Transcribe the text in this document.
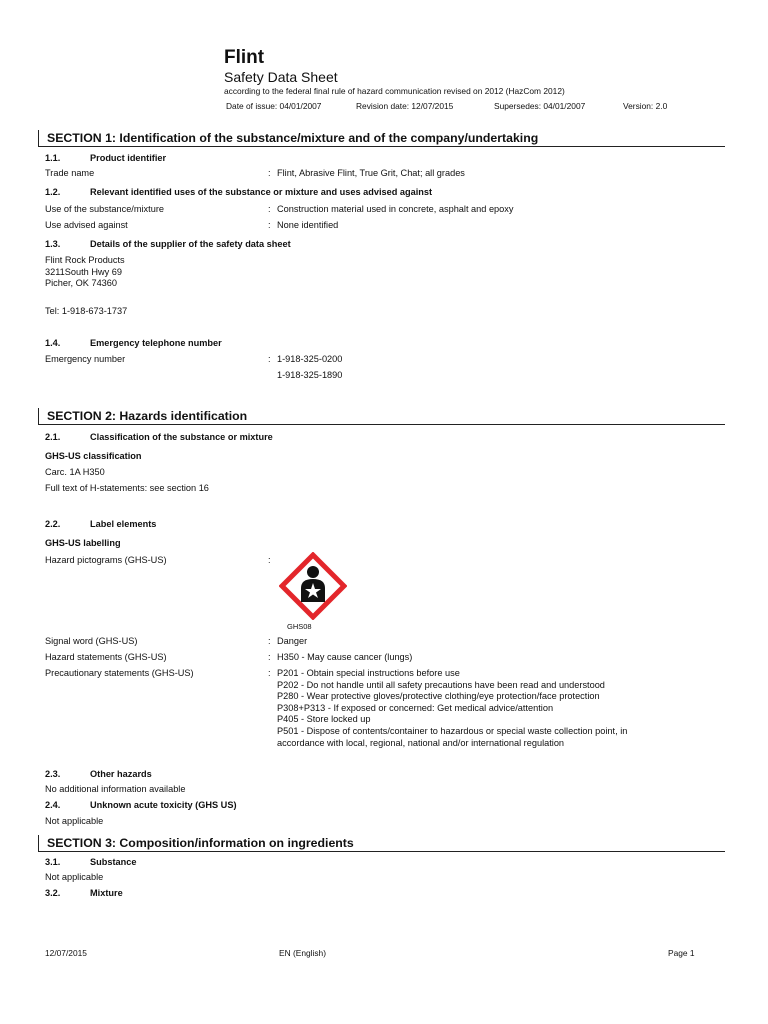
Flint
Safety Data Sheet
according to the federal final rule of hazard communication revised on 2012 (HazCom 2012)
Date of issue: 04/01/2007	Revision date: 12/07/2015	Supersedes: 04/01/2007	Version: 2.0
SECTION 1: Identification of the substance/mixture and of the company/undertaking
1.1.	Product identifier
Trade name	: Flint, Abrasive Flint, True Grit, Chat; all grades
1.2.	Relevant identified uses of the substance or mixture and uses advised against
Use of the substance/mixture	: Construction material used in concrete, asphalt and epoxy
Use advised against	: None identified
1.3.	Details of the supplier of the safety data sheet
Flint Rock Products
3211South Hwy 69
Picher, OK 74360
Tel: 1-918-673-1737
1.4.	Emergency telephone number
Emergency number	: 1-918-325-0200
1-918-325-1890
SECTION 2: Hazards identification
2.1.	Classification of the substance or mixture
GHS-US classification
Carc. 1A H350
Full text of H-statements: see section 16
2.2.	Label elements
GHS-US labelling
Hazard pictograms (GHS-US)	:
GHS08
Signal word (GHS-US)	: Danger
Hazard statements (GHS-US)	: H350 - May cause cancer (lungs)
Precautionary statements (GHS-US)	: P201 - Obtain special instructions before use
P202 - Do not handle until all safety precautions have been read and understood
P280 - Wear protective gloves/protective clothing/eye protection/face protection
P308+P313 - If exposed or concerned: Get medical advice/attention
P405 - Store locked up
P501 - Dispose of contents/container to hazardous or special waste collection point, in
accordance with local, regional, national and/or international regulation
2.3.	Other hazards
No additional information available
2.4.	Unknown acute toxicity (GHS US)
Not applicable
SECTION 3: Composition/information on ingredients
3.1.	Substance
Not applicable
3.2.	Mixture
12/07/2015	EN (English)	Page 1
